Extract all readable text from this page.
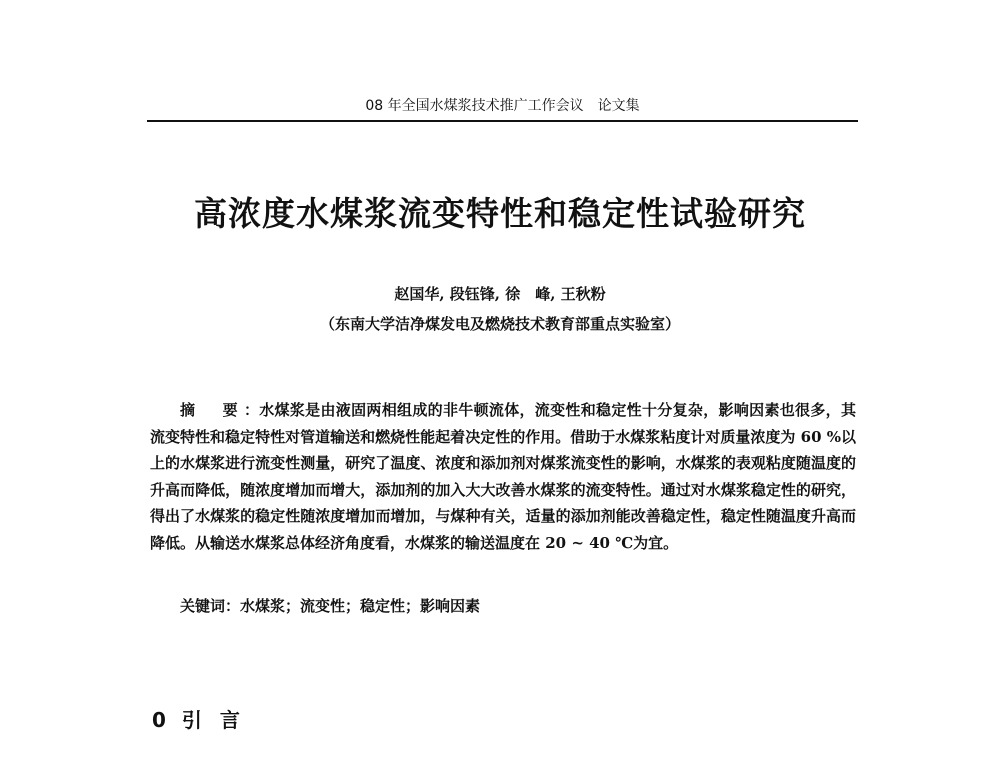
08 年全国水煤浆技术推广工作会议　论文集
高浓度水煤浆流变特性和稳定性试验研究
赵国华, 段钰锋, 徐　峰, 王秋粉
（东南大学洁净煤发电及燃烧技术教育部重点实验室）

摘　要：水煤浆是由液固两相组成的非牛顿流体，流变性和稳定性十分复杂，影响因素也很多，其流变特性和稳定特性对管道输送和燃烧性能起着决定性的作用。借助于水煤浆粘度计对质量浓度为 60 %以上的水煤浆进行流变性测量，研究了温度、浓度和添加剂对煤浆流变性的影响，水煤浆的表观粘度随温度的升高而降低，随浓度增加而增大，添加剂的加入大大改善水煤浆的流变特性。通过对水煤浆稳定性的研究，得出了水煤浆的稳定性随浓度增加而增加，与煤种有关，适量的添加剂能改善稳定性，稳定性随温度升高而降低。从输送水煤浆总体经济角度看，水煤浆的输送温度在 20 ~ 40 ℃为宜。

关键词：水煤浆；流变性；稳定性；影响因素
0 引言
